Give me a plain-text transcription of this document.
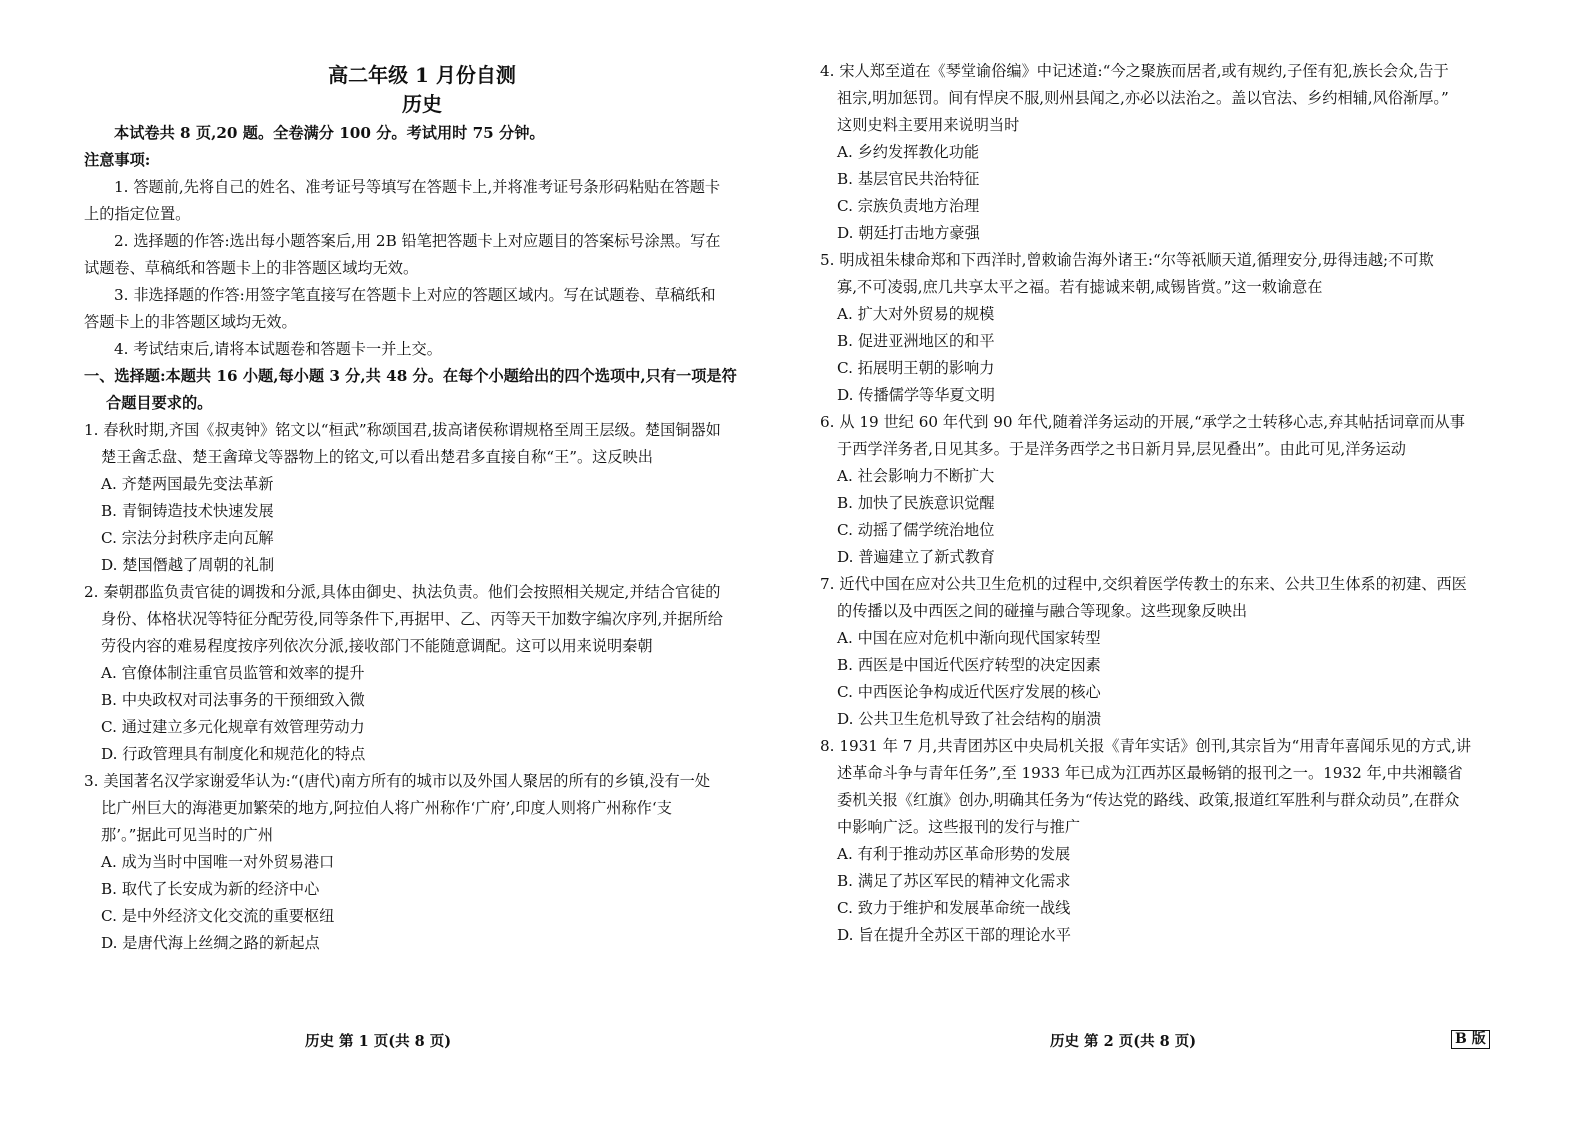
高二年级 1 月份自测
历史
本试卷共 8 页,20 题。全卷满分 100 分。考试用时 75 分钟。
注意事项:
1. 答题前,先将自己的姓名、准考证号等填写在答题卡上,并将准考证号条形码粘贴在答题卡
上的指定位置。
2. 选择题的作答:选出每小题答案后,用 2B 铅笔把答题卡上对应题目的答案标号涂黑。写在
试题卷、草稿纸和答题卡上的非答题区域均无效。
3. 非选择题的作答:用签字笔直接写在答题卡上对应的答题区域内。写在试题卷、草稿纸和
答题卡上的非答题区域均无效。
4. 考试结束后,请将本试题卷和答题卡一并上交。
一、选择题:本题共 16 小题,每小题 3 分,共 48 分。在每个小题给出的四个选项中,只有一项是符
合题目要求的。
1. 春秋时期,齐国《叔夷钟》铭文以“桓武”称颂国君,拔高诸侯称谓规格至周王层级。楚国铜器如
楚王酓忎盘、楚王酓璋戈等器物上的铭文,可以看出楚君多直接自称“王”。这反映出
A. 齐楚两国最先变法革新
B. 青铜铸造技术快速发展
C. 宗法分封秩序走向瓦解
D. 楚国僭越了周朝的礼制
2. 秦朝郡监负责官徒的调拨和分派,具体由御史、执法负责。他们会按照相关规定,并结合官徒的
身份、体格状况等特征分配劳役,同等条件下,再据甲、乙、丙等天干加数字编次序列,并据所给
劳役内容的难易程度按序列依次分派,接收部门不能随意调配。这可以用来说明秦朝
A. 官僚体制注重官员监管和效率的提升
B. 中央政权对司法事务的干预细致入微
C. 通过建立多元化规章有效管理劳动力
D. 行政管理具有制度化和规范化的特点
3. 美国著名汉学家谢爱华认为:“(唐代)南方所有的城市以及外国人聚居的所有的乡镇,没有一处
比广州巨大的海港更加繁荣的地方,阿拉伯人将广州称作‘广府’,印度人则将广州称作‘支
那’。”据此可见当时的广州
A. 成为当时中国唯一对外贸易港口
B. 取代了长安成为新的经济中心
C. 是中外经济文化交流的重要枢纽
D. 是唐代海上丝绸之路的新起点
历史 第 1 页(共 8 页)
4. 宋人郑至道在《琴堂谕俗编》中记述道:“今之聚族而居者,或有规约,子侄有犯,族长会众,告于
祖宗,明加惩罚。间有悍戾不服,则州县闻之,亦必以法治之。盖以官法、乡约相辅,风俗渐厚。”
这则史料主要用来说明当时
A. 乡约发挥教化功能
B. 基层官民共治特征
C. 宗族负责地方治理
D. 朝廷打击地方豪强
5. 明成祖朱棣命郑和下西洋时,曾敕谕告海外诸王:“尔等祇顺天道,循理安分,毋得违越;不可欺
寡,不可凌弱,庶几共享太平之福。若有摅诚来朝,咸锡皆赏。”这一敕谕意在
A. 扩大对外贸易的规模
B. 促进亚洲地区的和平
C. 拓展明王朝的影响力
D. 传播儒学等华夏文明
6. 从 19 世纪 60 年代到 90 年代,随着洋务运动的开展,“承学之士转移心志,弃其帖括词章而从事
于西学洋务者,日见其多。于是洋务西学之书日新月异,层见叠出”。由此可见,洋务运动
A. 社会影响力不断扩大
B. 加快了民族意识觉醒
C. 动摇了儒学统治地位
D. 普遍建立了新式教育
7. 近代中国在应对公共卫生危机的过程中,交织着医学传教士的东来、公共卫生体系的初建、西医
的传播以及中西医之间的碰撞与融合等现象。这些现象反映出
A. 中国在应对危机中渐向现代国家转型
B. 西医是中国近代医疗转型的决定因素
C. 中西医论争构成近代医疗发展的核心
D. 公共卫生危机导致了社会结构的崩溃
8. 1931 年 7 月,共青团苏区中央局机关报《青年实话》创刊,其宗旨为“用青年喜闻乐见的方式,讲
述革命斗争与青年任务”,至 1933 年已成为江西苏区最畅销的报刊之一。1932 年,中共湘赣省
委机关报《红旗》创办,明确其任务为“传达党的路线、政策,报道红军胜利与群众动员”,在群众
中影响广泛。这些报刊的发行与推广
A. 有利于推动苏区革命形势的发展
B. 满足了苏区军民的精神文化需求
C. 致力于维护和发展革命统一战线
D. 旨在提升全苏区干部的理论水平
历史 第 2 页(共 8 页)	B 版
